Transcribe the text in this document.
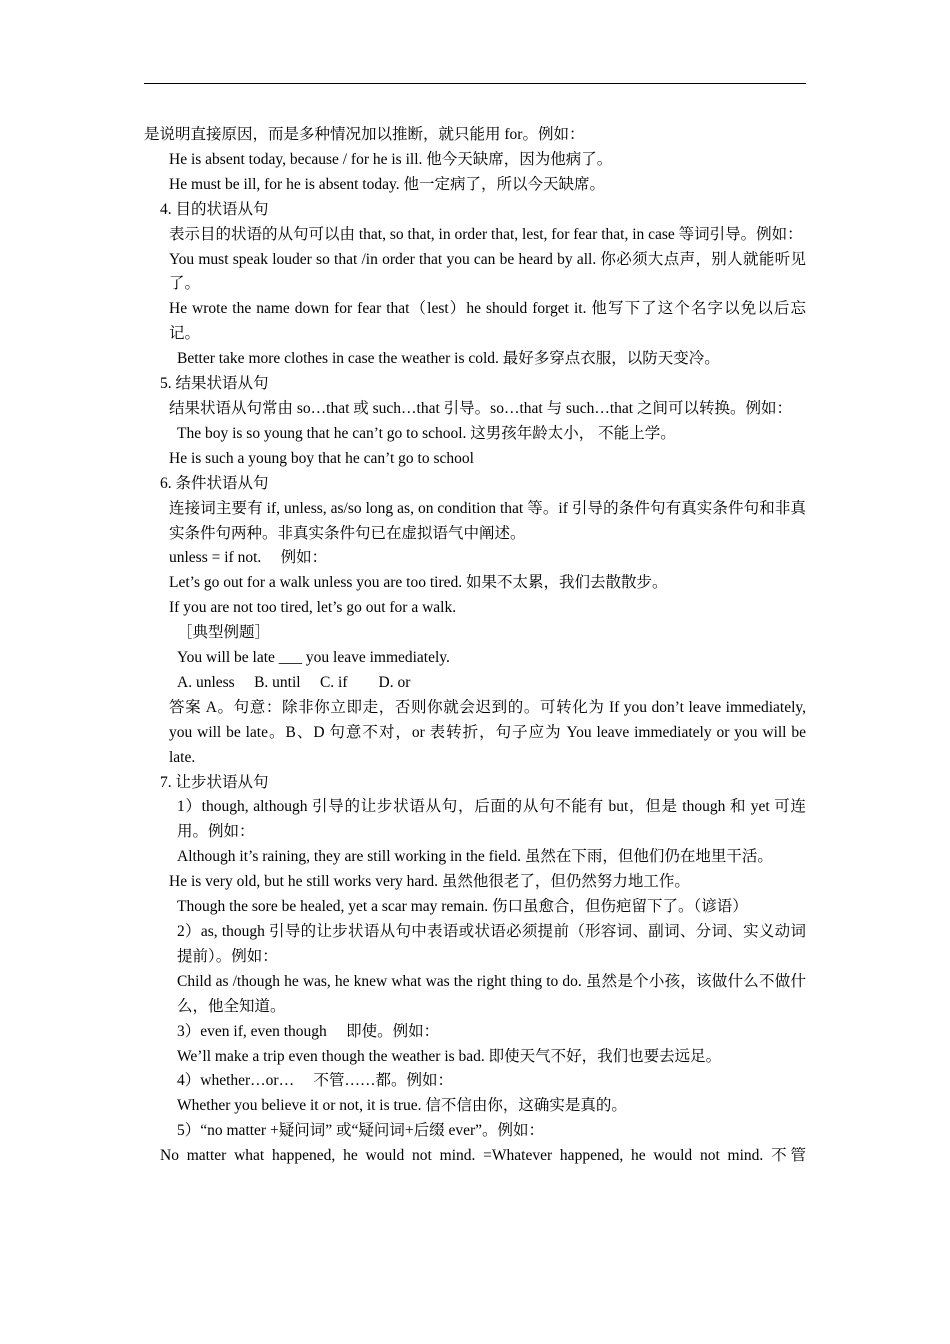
是说明直接原因，而是多种情况加以推断，就只能用 for。例如：

He is absent today, because / for he is ill. 他今天缺席，因为他病了。

He must be ill, for he is absent today. 他一定病了，所以今天缺席。

4. 目的状语从句

表示目的状语的从句可以由 that, so that, in order that, lest, for fear that, in case 等词引导。例如：

You must speak louder so that /in order that you can be heard by all. 你必须大点声，别人就能听见了。

He wrote the name down for fear that（lest）he should forget it. 他写下了这个名字以免以后忘记。

Better take more clothes in case the weather is cold. 最好多穿点衣服，以防天变冷。

5. 结果状语从句

结果状语从句常由 so…that 或 such…that 引导。so…that 与 such…that 之间可以转换。例如：

The boy is so young that he can’t go to school. 这男孩年龄太小， 不能上学。

He is such a young boy that he can’t go to school

6. 条件状语从句

连接词主要有 if, unless, as/so long as, on condition that 等。if 引导的条件句有真实条件句和非真实条件句两种。非真实条件句已在虚拟语气中阐述。

unless = if not.     例如：

Let’s go out for a walk unless you are too tired. 如果不太累，我们去散散步。

If you are not too tired, let’s go out for a walk.

［典型例题］

You will be late ___ you leave immediately.

A. unless     B. until     C. if        D. or

答案 A。句意：除非你立即走，否则你就会迟到的。可转化为 If you don’t leave immediately, you will be late。B、D 句意不对，or 表转折，句子应为 You leave immediately or you will be late.

7. 让步状语从句

1）though, although 引导的让步状语从句，后面的从句不能有 but，但是 though 和 yet 可连用。例如：

Although it’s raining, they are still working in the field. 虽然在下雨，但他们仍在地里干活。

He is very old, but he still works very hard. 虽然他很老了，但仍然努力地工作。

Though the sore be healed, yet a scar may remain. 伤口虽愈合，但伤疤留下了。（谚语）

2）as, though 引导的让步状语从句中表语或状语必须提前（形容词、副词、分词、实义动词提前）。例如：

Child as /though he was, he knew what was the right thing to do. 虽然是个小孩，该做什么不做什么，他全知道。

3）even if, even though     即使。例如：

We’ll make a trip even though the weather is bad. 即使天气不好，我们也要去远足。

4）whether…or…     不管……都。例如：

Whether you believe it or not, it is true. 信不信由你，这确实是真的。

5）“no matter +疑问词” 或“疑问词+后缀 ever”。例如：

No matter what happened, he would not mind. =Whatever happened, he would not mind. 不管
